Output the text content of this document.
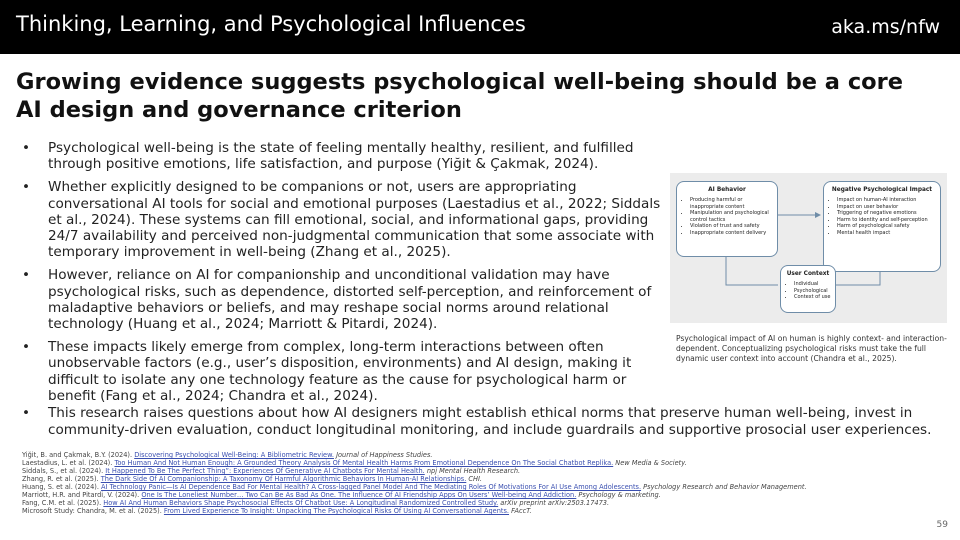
Thinking, Learning, and Psychological Influences	aka.ms/nfw
Growing evidence suggests psychological well-being should be a core AI design and governance criterion
• Psychological well-being is the state of feeling mentally healthy, resilient, and fulfilled through positive emotions, life satisfaction, and purpose (Yiğit & Çakmak, 2024).
• Whether explicitly designed to be companions or not, users are appropriating conversational AI tools for social and emotional purposes (Laestadius et al., 2022; Siddals et al., 2024). These systems can fill emotional, social, and informational gaps, providing 24/7 availability and perceived non-judgmental communication that some associate with temporary improvement in well-being (Zhang et al., 2025).
• However, reliance on AI for companionship and unconditional validation may have psychological risks, such as dependence, distorted self-perception, and reinforcement of maladaptive behaviors or beliefs, and may reshape social norms around relational technology (Huang et al., 2024; Marriott & Pitardi, 2024).
• These impacts likely emerge from complex, long-term interactions between often unobservable factors (e.g., user’s disposition, environments) and AI design, making it difficult to isolate any one technology feature as the cause for psychological harm or benefit (Fang et al., 2024; Chandra et al., 2024).
• This research raises questions about how AI designers might establish ethical norms that preserve human well-being, invest in community-driven evaluation, conduct longitudinal monitoring, and include guardrails and supportive prosocial user experiences.
AI Behavior
• Producing harmful or inappropriate content
• Manipulation and psychological control tactics
• Violation of trust and safety
• Inappropriate content delivery
Negative Psychological Impact
• Impact on human-AI interaction
• Impact on user behavior
• Triggering of negative emotions
• Harm to identity and self-perception
• Harm of psychological safety
• Mental health impact
User Context
• Individual
• Psychological
• Context of use
Psychological impact of AI on human is highly context- and interaction-dependent. Conceptualizing psychological risks must take the full dynamic user context into account (Chandra et al., 2025).
Yiğit, B. and Çakmak, B.Y. (2024). Discovering Psychological Well-Being: A Bibliometric Review. Journal of Happiness Studies.
Laestadius, L. et al. (2024). Too Human And Not Human Enough: A Grounded Theory Analysis Of Mental Health Harms From Emotional Dependence On The Social Chatbot Replika. New Media & Society.
Siddals, S., et al. (2024). It Happened To Be The Perfect Thing”: Experiences Of Generative AI Chatbots For Mental Health. npj Mental Health Research.
Zhang, R. et al. (2025). The Dark Side Of AI Companionship: A Taxonomy Of Harmful Algorithmic Behaviors In Human-AI Relationships. CHI.
Huang, S. et al. (2024). AI Technology Panic—Is AI Dependence Bad For Mental Health? A Cross-lagged Panel Model And The Mediating Roles Of Motivations For AI Use Among Adolescents. Psychology Research and Behavior Management.
Marriott, H.R. and Pitardi, V. (2024). One Is The Loneliest Number… Two Can Be As Bad As One. The Influence Of AI Friendship Apps On Users’ Well-being And Addiction. Psychology & marketing.
Fang, C.M. et al. (2025). How AI And Human Behaviors Shape Psychosocial Effects Of Chatbot Use: A Longitudinal Randomized Controlled Study. arXiv preprint arXiv:2503.17473.
Microsoft Study: Chandra, M. et al. (2025). From Lived Experience To Insight: Unpacking The Psychological Risks Of Using AI Conversational Agents. FAccT.
59
